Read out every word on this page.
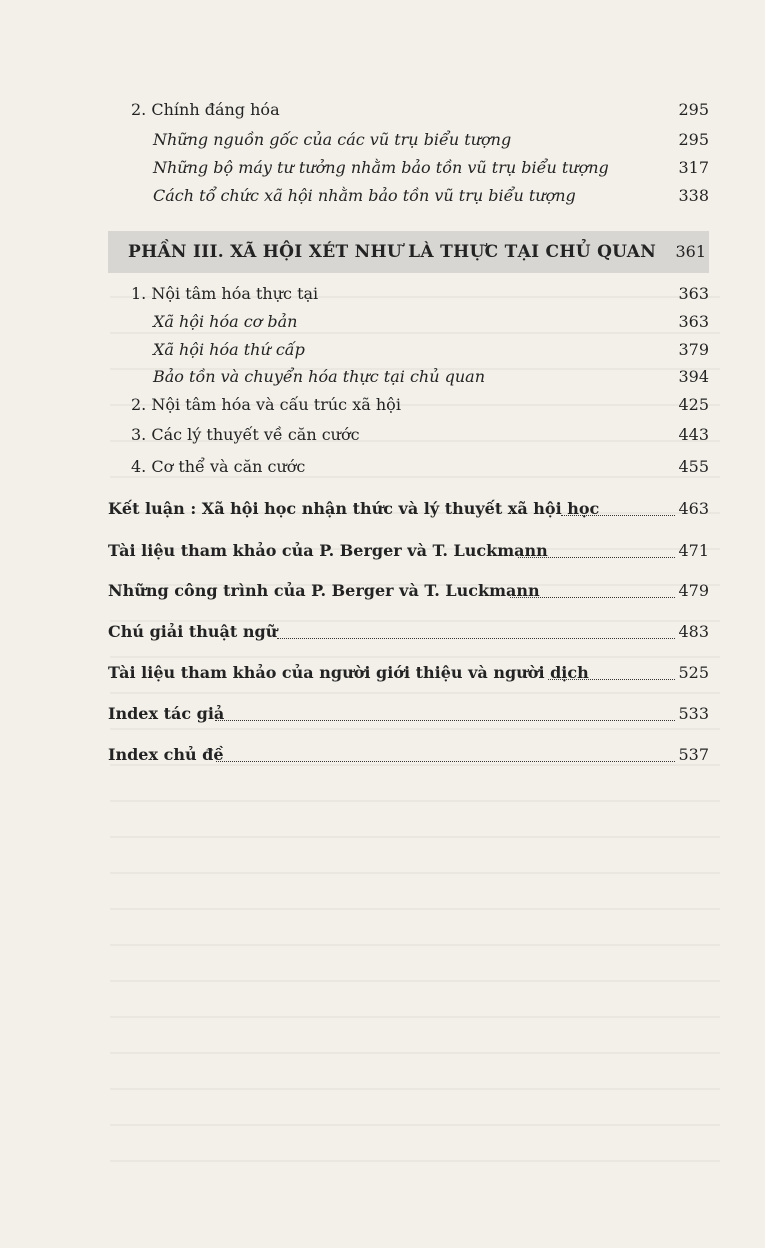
2. Chính đáng hóa	295
Những nguồn gốc của các vũ trụ biểu tượng	295
Những bộ máy tư tưởng nhằm bảo tồn vũ trụ biểu tượng	317
Cách tổ chức xã hội nhằm bảo tồn vũ trụ biểu tượng	338
PHẦN III. XÃ HỘI XÉT NHƯ LÀ THỰC TẠI CHỦ QUAN 361
1. Nội tâm hóa thực tại	363
Xã hội hóa cơ bản	363
Xã hội hóa thứ cấp	379
Bảo tồn và chuyển hóa thực tại chủ quan	394
2. Nội tâm hóa và cấu trúc xã hội	425
3. Các lý thuyết về căn cước	443
4. Cơ thể và căn cước	455
Kết luận : Xã hội học nhận thức và lý thuyết xã hội học	463
Tài liệu tham khảo của P. Berger và T. Luckmann	471
Những công trình của P. Berger và T. Luckmann	479
Chú giải thuật ngữ	483
Tài liệu tham khảo của người giới thiệu và người dịch	525
Index tác giả	533
Index chủ đề	537
